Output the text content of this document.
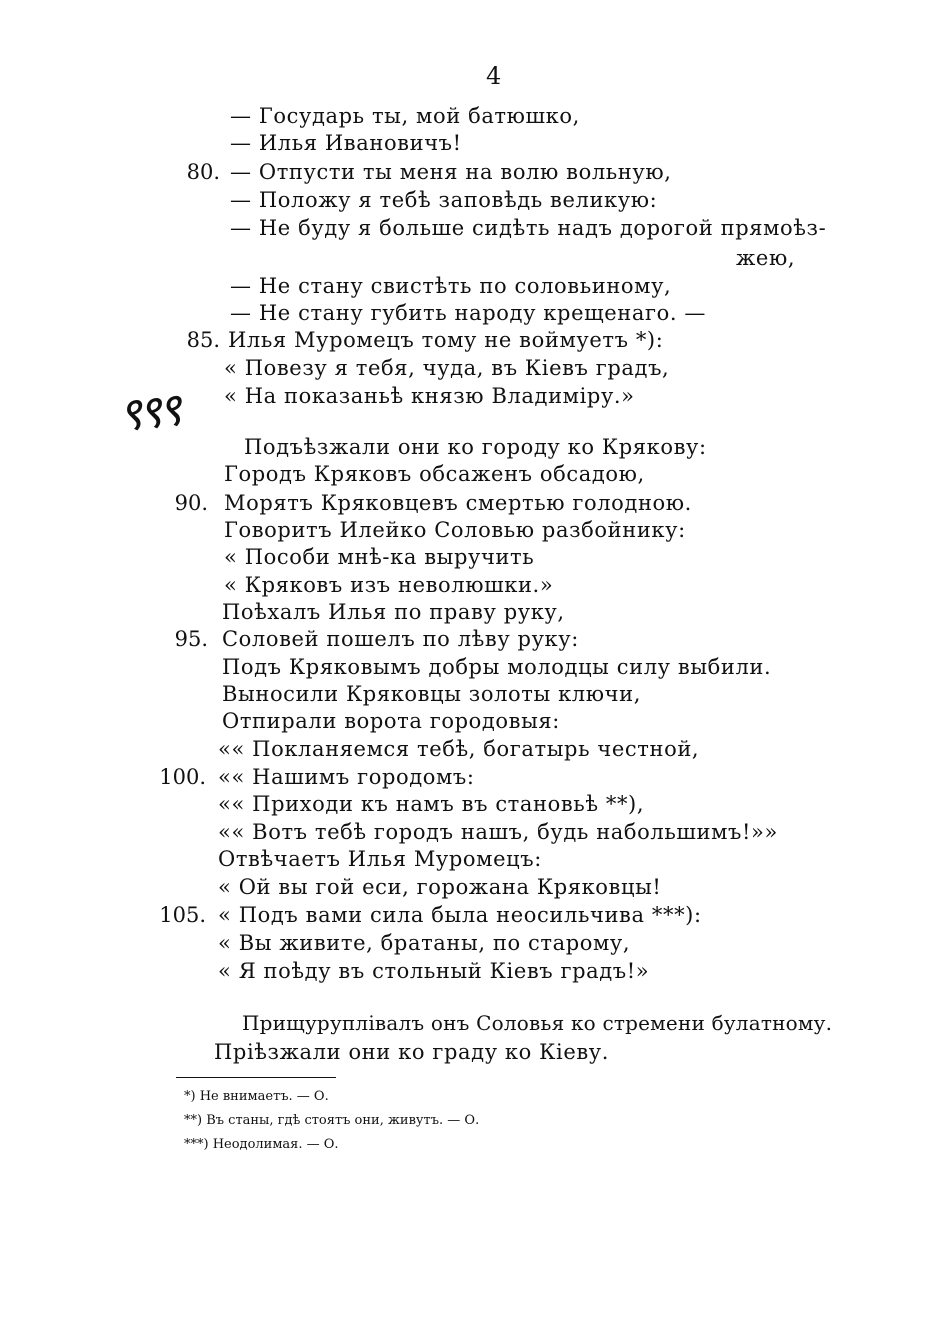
4
— Государь ты, мой батюшко,
— Илья Ивановичъ!
80. — Отпусти ты меня на волю вольную,
— Положу я тебѣ заповѣдь великую:
— Не буду я больше сидѣть надъ дорогой прямоѣз-
жею,
— Не стану свистѣть по соловьиному,
— Не стану губить народу крещенаго. —
85. Илья Муромецъ тому не воймуетъ *):
« Повезу я тебя, чуда, въ Кіевъ градъ,
« На показаньѣ князю Владиміру.»
९९९
Подъѣзжали они ко городу ко Крякову:
Городъ Кряковъ обсаженъ обсадою,
90. Морятъ Кряковцевъ смертью голодною.
Говоритъ Илейко Соловью разбойнику:
« Пособи мнѣ-ка выручить
« Кряковъ изъ неволюшки.»
Поѣхалъ Илья по праву руку,
95. Соловей пошелъ по лѣву руку:
Подъ Кряковымъ добры молодцы силу выбили.
Выносили Кряковцы золоты ключи,
Отпирали ворота городовыя:
«« Покланяемся тебѣ, богатырь честной,
100. «« Нашимъ городомъ:
«« Приходи къ намъ въ становьѣ **),
«« Вотъ тебѣ городъ нашъ, будь набольшимъ!»»
Отвѣчаетъ Илья Муромецъ:
« Ой вы гой еси, горожана Кряковцы!
105. « Подъ вами сила была неосильчива ***):
« Вы живите, братаны, по старому,
« Я поѣду въ стольный Кіевъ градъ!»
Прищуруплівалъ онъ Соловья ко стремени булатному.
Пріѣзжали они ко граду ко Кіеву.
*) Не внимаетъ. — О.
**) Въ станы, гдѣ стоятъ они, живутъ. — О.
***) Неодолимая. — О.
